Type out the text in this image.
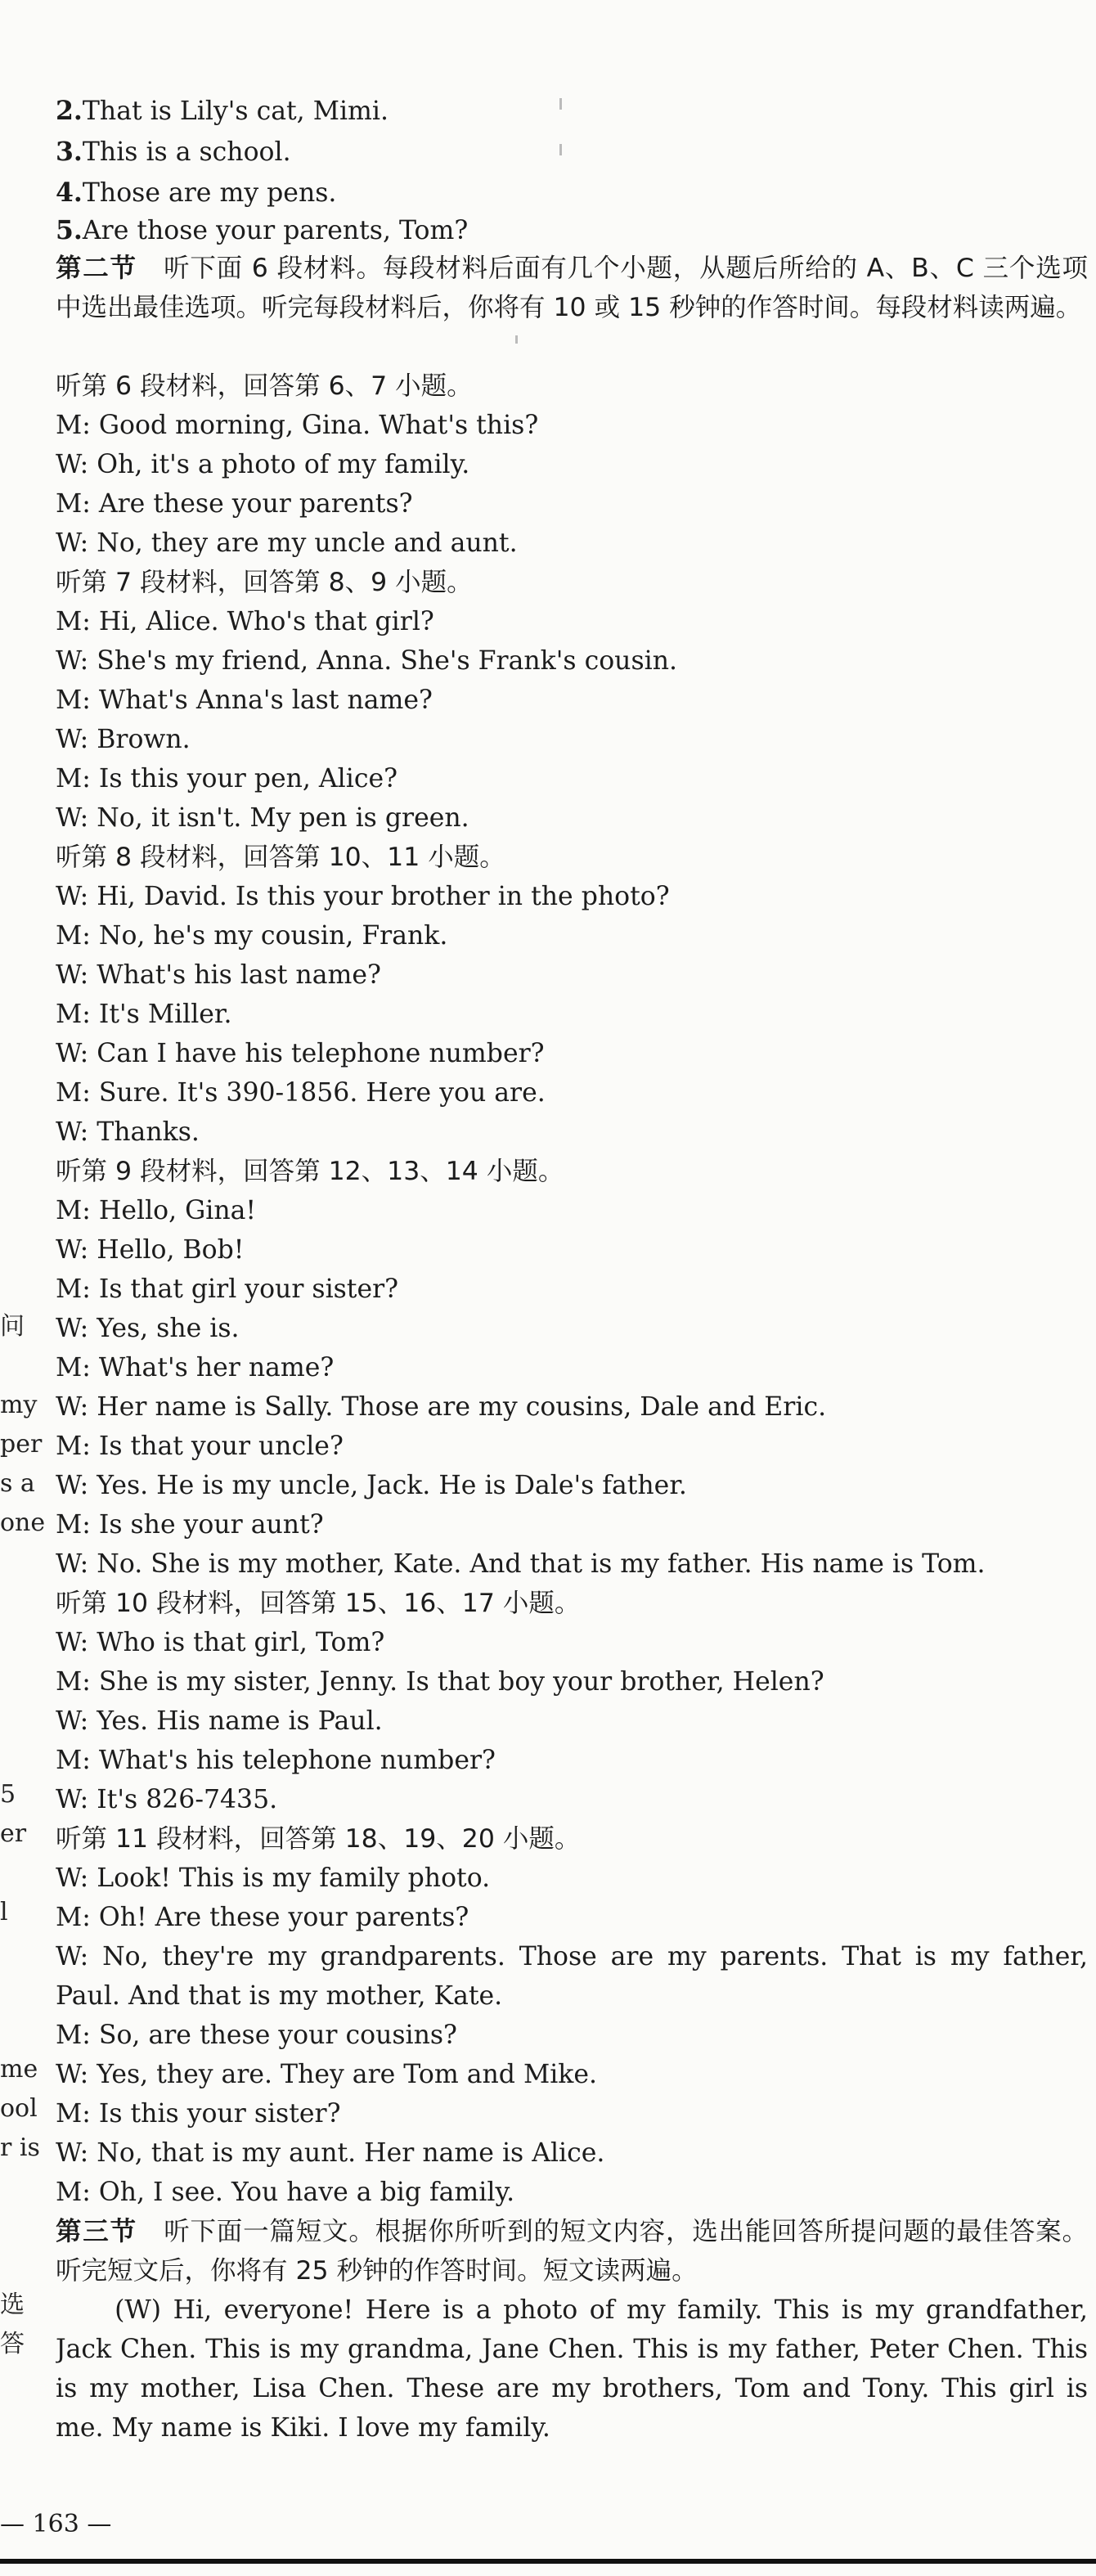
2.That is Lily's cat, Mimi.
3.This is a school.
4.Those are my pens.
5.Are those your parents, Tom?
第二节　听下面 6 段材料。每段材料后面有几个小题，从题后所给的 A、B、C 三个选项中选出最佳选项。听完每段材料后，你将有 10 或 15 秒钟的作答时间。每段材料读两遍。
听第 6 段材料，回答第 6、7 小题。
M: Good morning, Gina. What's this?
W: Oh, it's a photo of my family.
M: Are these your parents?
W: No, they are my uncle and aunt.
听第 7 段材料，回答第 8、9 小题。
M: Hi, Alice. Who's that girl?
W: She's my friend, Anna. She's Frank's cousin.
M: What's Anna's last name?
W: Brown.
M: Is this your pen, Alice?
W: No, it isn't. My pen is green.
听第 8 段材料，回答第 10、11 小题。
W: Hi, David. Is this your brother in the photo?
M: No, he's my cousin, Frank.
W: What's his last name?
M: It's Miller.
W: Can I have his telephone number?
M: Sure. It's 390-1856. Here you are.
W: Thanks.
听第 9 段材料，回答第 12、13、14 小题。
M: Hello, Gina!
W: Hello, Bob!
M: Is that girl your sister?
W: Yes, she is.
M: What's her name?
W: Her name is Sally. Those are my cousins, Dale and Eric.
M: Is that your uncle?
W: Yes. He is my uncle, Jack. He is Dale's father.
M: Is she your aunt?
W: No. She is my mother, Kate. And that is my father. His name is Tom.
听第 10 段材料，回答第 15、16、17 小题。
W: Who is that girl, Tom?
M: She is my sister, Jenny. Is that boy your brother, Helen?
W: Yes. His name is Paul.
M: What's his telephone number?
W: It's 826-7435.
听第 11 段材料，回答第 18、19、20 小题。
W: Look! This is my family photo.
M: Oh! Are these your parents?
W: No, they're my grandparents. Those are my parents. That is my father, Paul. And that is my mother, Kate.
M: So, are these your cousins?
W: Yes, they are. They are Tom and Mike.
M: Is this your sister?
W: No, that is my aunt. Her name is Alice.
M: Oh, I see. You have a big family.
第三节　听下面一篇短文。根据你所听到的短文内容，选出能回答所提问题的最佳答案。听完短文后，你将有 25 秒钟的作答时间。短文读两遍。
　　(W) Hi, everyone! Here is a photo of my family. This is my grandfather, Jack Chen. This is my grandma, Jane Chen. This is my father, Peter Chen. This is my mother, Lisa Chen. These are my brothers, Tom and Tony. This girl is me. My name is Kiki. I love my family.
问
my
per
s a
one
5
er
l
me
ool
r is
选
答
— 163 —
